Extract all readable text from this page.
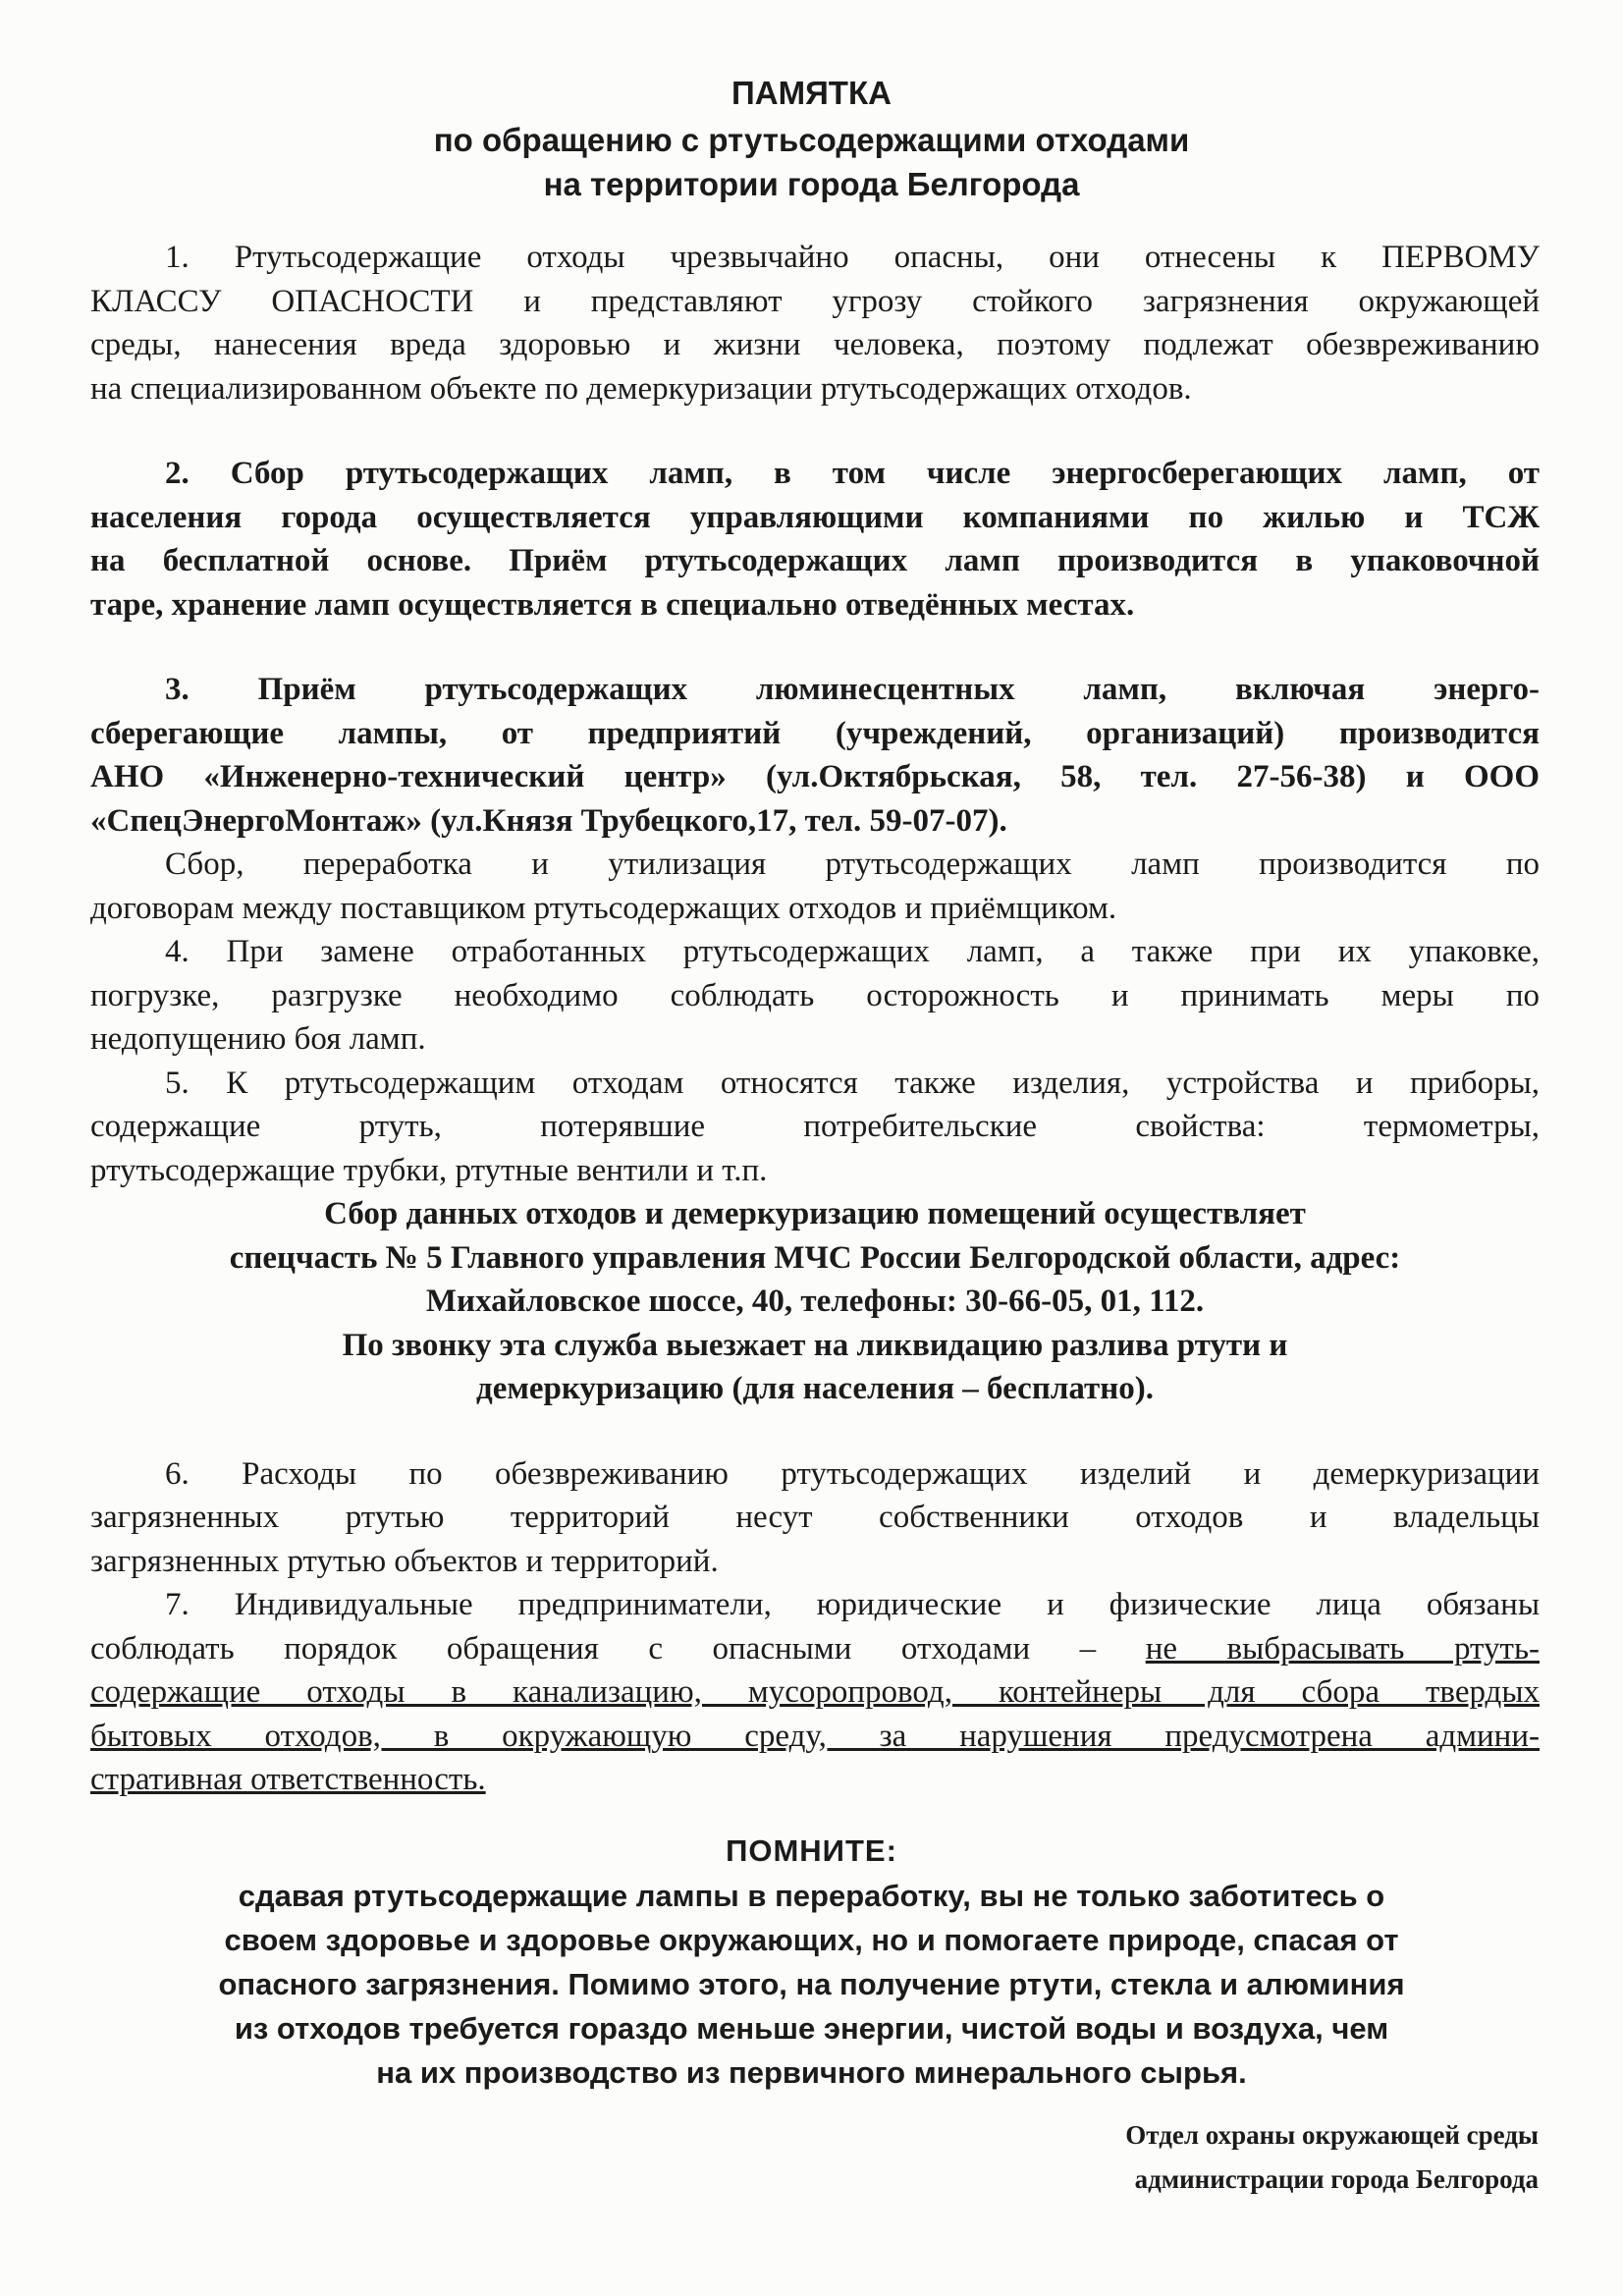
ПАМЯТКА
по обращению с ртутьсодержащими отходами
на территории города Белгорода
1. Ртутьсодержащие отходы чрезвычайно опасны, они отнесены к ПЕРВОМУ
КЛАССУ ОПАСНОСТИ и представляют угрозу стойкого загрязнения окружающей
среды, нанесения вреда здоровью и жизни человека, поэтому подлежат обезвреживанию
на специализированном объекте по демеркуризации ртутьсодержащих отходов.
2. Сбор ртутьсодержащих ламп, в том числе энергосберегающих ламп, от
населения города осуществляется управляющими компаниями по жилью и ТСЖ
на бесплатной основе. Приём ртутьсодержащих ламп производится в упаковочной
таре, хранение ламп осуществляется в специально отведённых местах.
3. Приём ртутьсодержащих люминесцентных ламп, включая энерго-
сберегающие лампы, от предприятий (учреждений, организаций) производится
АНО «Инженерно-технический центр» (ул.Октябрьская, 58, тел. 27-56-38) и ООО
«СпецЭнергоМонтаж» (ул.Князя Трубецкого,17, тел. 59-07-07).
Сбор, переработка и утилизация ртутьсодержащих ламп производится по
договорам между поставщиком ртутьсодержащих отходов и приёмщиком.
4. При замене отработанных ртутьсодержащих ламп, а также при их упаковке,
погрузке, разгрузке необходимо соблюдать осторожность и принимать меры по
недопущению боя ламп.
5. К ртутьсодержащим отходам относятся также изделия, устройства и приборы,
содержащие ртуть, потерявшие потребительские свойства: термометры,
ртутьсодержащие трубки, ртутные вентили и т.п.
Сбор данных отходов и демеркуризацию помещений осуществляет
спецчасть № 5 Главного управления МЧС России Белгородской области, адрес:
Михайловское шоссе, 40, телефоны: 30-66-05, 01, 112.
По звонку эта служба выезжает на ликвидацию разлива ртути и
демеркуризацию (для населения – бесплатно).
6. Расходы по обезвреживанию ртутьсодержащих изделий и демеркуризации
загрязненных ртутью территорий несут собственники отходов и владельцы
загрязненных ртутью объектов и территорий.
7. Индивидуальные предприниматели, юридические и физические лица обязаны
соблюдать порядок обращения с опасными отходами – не выбрасывать ртуть-
содержащие отходы в канализацию, мусоропровод, контейнеры для сбора твердых
бытовых отходов, в окружающую среду, за нарушения предусмотрена админи-
стративная ответственность.
ПОМНИТЕ:
сдавая ртутьсодержащие лампы в переработку, вы не только заботитесь о
своем здоровье и здоровье окружающих, но и помогаете природе, спасая от
опасного загрязнения. Помимо этого, на получение ртути, стекла и алюминия
из отходов требуется гораздо меньше энергии, чистой воды и воздуха, чем
на их производство из первичного минерального сырья.
Отдел охраны окружающей среды
администрации города Белгорода
